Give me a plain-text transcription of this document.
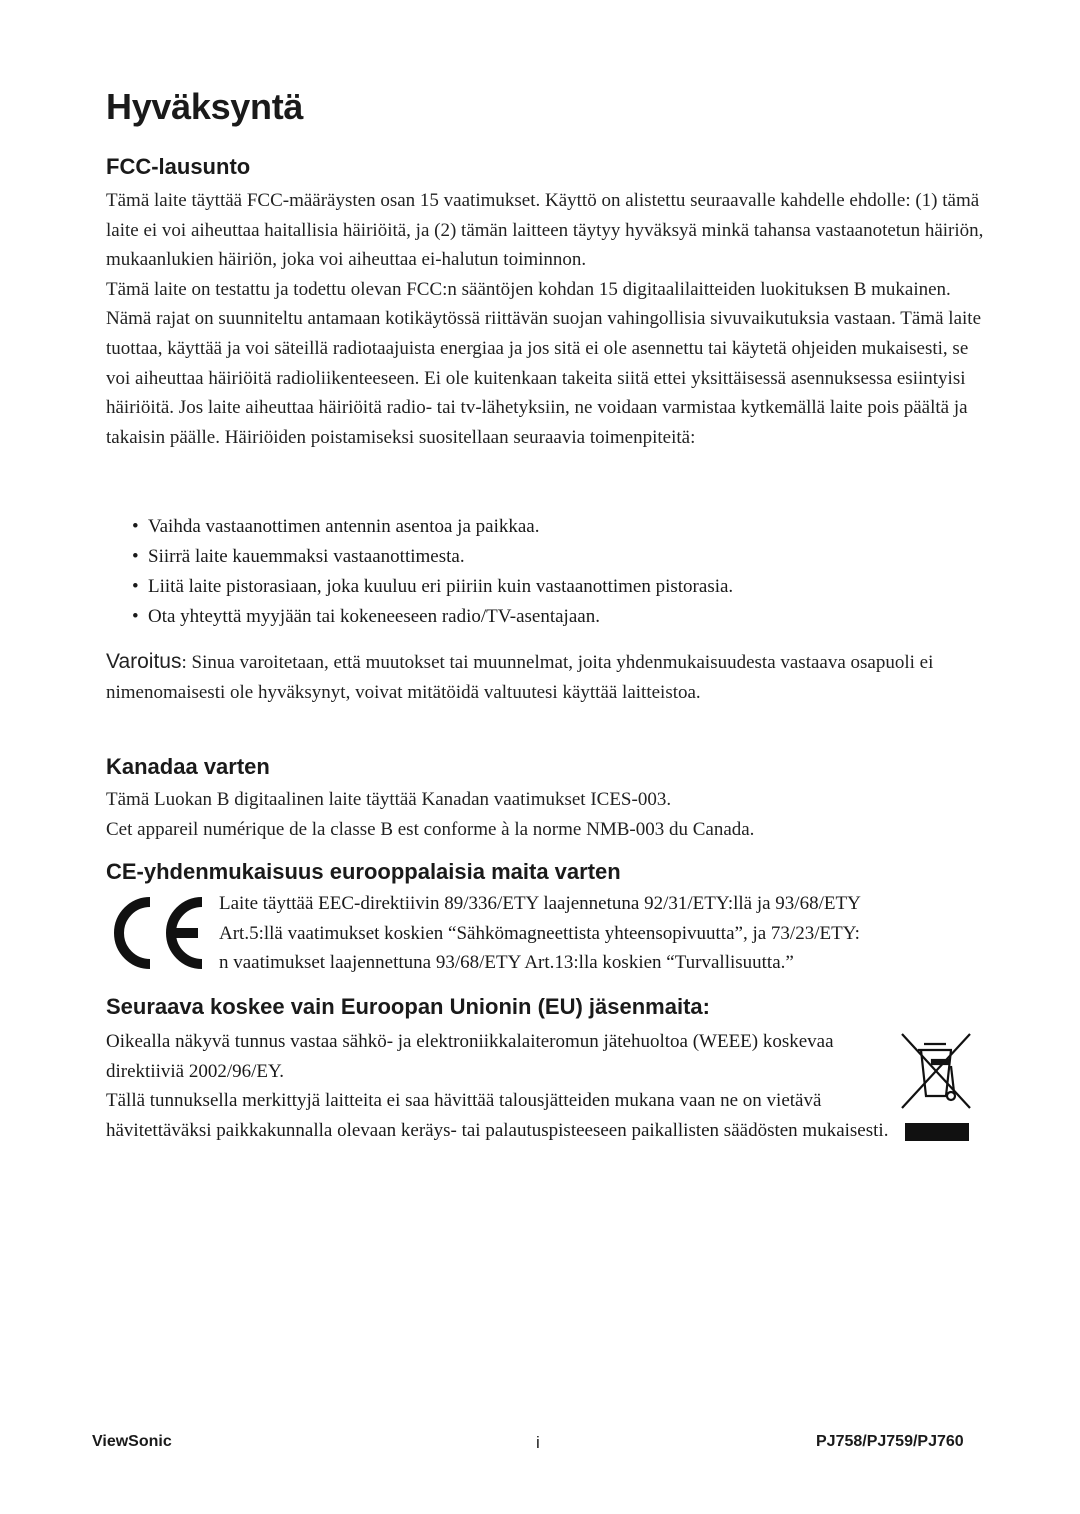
Hyväksyntä
FCC-lausunto

Tämä laite täyttää FCC-määräysten osan 15 vaatimukset. Käyttö on alistettu seuraavalle kahdelle ehdolle: (1) tämä laite ei voi aiheuttaa haitallisia häiriöitä, ja (2) tämän laitteen täytyy hyväksyä minkä tahansa vastaanotetun häiriön, mukaanlukien häiriön, joka voi aiheuttaa ei-halutun toiminnon.

Tämä laite on testattu ja todettu olevan FCC:n sääntöjen kohdan 15 digitaalilaitteiden luokituksen B mukainen. Nämä rajat on suunniteltu antamaan kotikäytössä riittävän suojan vahingollisia sivuvaikutuksia vastaan. Tämä laite tuottaa, käyttää ja voi säteillä radiotaajuista energiaa ja jos sitä ei ole asennettu tai käytetä ohjeiden mukaisesti, se voi aiheuttaa häiriöitä radioliikenteeseen. Ei ole kuitenkaan takeita siitä ettei yksittäisessä asennuksessa esiintyisi häiriöitä. Jos laite aiheuttaa häiriöitä radio- tai tv-lähetyksiin, ne voidaan varmistaa kytkemällä laite pois päältä ja takaisin päälle. Häiriöiden poistamiseksi suositellaan seuraavia toimenpiteitä:

• Vaihda vastaanottimen antennin asentoa ja paikkaa.
• Siirrä laite kauemmaksi vastaanottimesta.
• Liitä laite pistorasiaan, joka kuuluu eri piiriin kuin vastaanottimen pistorasia.
• Ota yhteyttä myyjään tai kokeneeseen radio/TV-asentajaan.

Varoitus: Sinua varoitetaan, että muutokset tai muunnelmat, joita yhdenmukaisuudesta vastaava osapuoli ei nimenomaisesti ole hyväksynyt, voivat mitätöidä valtuutesi käyttää laitteistoa.

Kanadaa varten

Tämä Luokan B digitaalinen laite täyttää Kanadan vaatimukset ICES-003.

Cet appareil numérique de la classe B est conforme à la norme NMB-003 du Canada.

CE-yhdenmukaisuus eurooppalaisia maita varten
Laite täyttää EEC-direktiivin 89/336/ETY laajennetuna 92/31/ETY:llä ja 93/68/ETY
Art.5:llä vaatimukset koskien “Sähkömagneettista yhteensopivuutta”, ja 73/23/ETY:
n vaatimukset laajennettuna 93/68/ETY Art.13:lla koskien “Turvallisuutta.”
Seuraava koskee vain Euroopan Unionin (EU) jäsenmaita:

Oikealla näkyvä tunnus vastaa sähkö- ja elektroniikkalaiteromun jätehuoltoa (WEEE) koskevaa direktiiviä 2002/96/EY.

Tällä tunnuksella merkittyjä laitteita ei saa hävittää talousjätteiden mukana vaan ne on vietävä hävitettäväksi paikkakunnalla olevaan keräys- tai palautuspisteeseen paikallisten säädösten mukaisesti.

ViewSonic	i	PJ758/PJ759/PJ760
